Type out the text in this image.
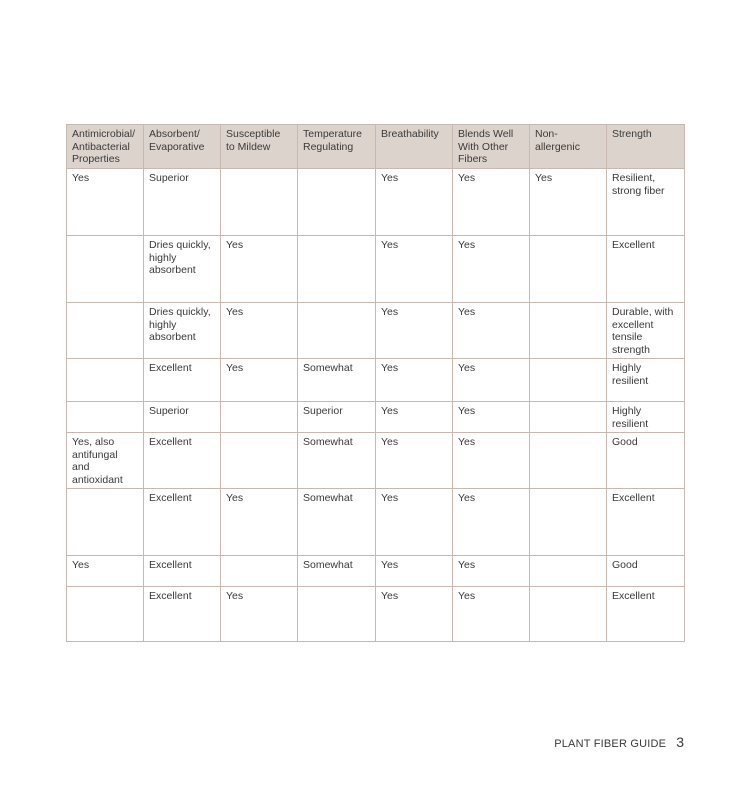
Antimicrobial/
Antibacterial
Properties	Absorbent/
Evaporative	Susceptible
to Mildew	Temperature
Regulating	Breathability	Blends Well
With Other
Fibers	Non-
allergenic	Strength
Yes	Superior			Yes	Yes	Yes	Resilient,
strong fiber
	Dries quickly,
highly
absorbent	Yes		Yes	Yes		Excellent
	Dries quickly,
highly
absorbent	Yes		Yes	Yes		Durable, with
excellent
tensile
strength
	Excellent	Yes	Somewhat	Yes	Yes		Highly
resilient
	Superior		Superior	Yes	Yes		Highly
resilient
Yes, also
antifungal
and
antioxidant	Excellent		Somewhat	Yes	Yes		Good
	Excellent	Yes	Somewhat	Yes	Yes		Excellent
Yes	Excellent		Somewhat	Yes	Yes		Good
	Excellent	Yes		Yes	Yes		Excellent
PLANT FIBER GUIDE 3
